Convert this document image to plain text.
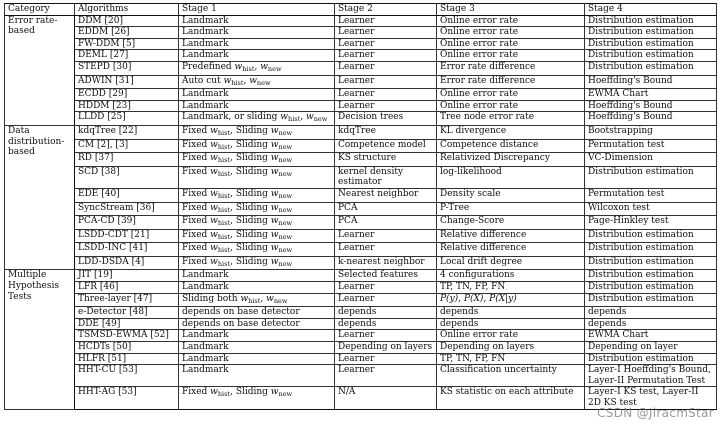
Category	Algorithms	Stage 1	Stage 2	Stage 3	Stage 4
Error rate-based	DDM [20]	Landmark	Learner	Online error rate	Distribution estimation
	EDDM [26]	Landmark	Learner	Online error rate	Distribution estimation
	FW-DDM [5]	Landmark	Learner	Online error rate	Distribution estimation
	DEML [27]	Landmark	Learner	Online error rate	Distribution estimation
	STEPD [30]	Predefined $w_{hist}$, $w_{new}$	Learner	Error rate difference	Distribution estimation
	ADWIN [31]	Auto cut $w_{hist}$, $w_{new}$	Learner	Error rate difference	Hoeffding's Bound
	ECDD [29]	Landmark	Learner	Online error rate	EWMA Chart
	HDDM [23]	Landmark	Learner	Online error rate	Hoeffding's Bound
	LLDD [25]	Landmark, or sliding $w_{hist}$, $w_{new}$	Decision trees	Tree node error rate	Hoeffding's Bound
Data distribution-based	kdqTree [22]	Fixed $w_{hist}$, Sliding $w_{new}$	kdqTree	KL divergence	Bootstrapping
	CM [2], [3]	Fixed $w_{hist}$, Sliding $w_{new}$	Competence model	Competence distance	Permutation test
	RD [37]	Fixed $w_{hist}$, Sliding $w_{new}$	KS structure	Relativized Discrepancy	VC-Dimension
	SCD [38]	Fixed $w_{hist}$, Sliding $w_{new}$	kernel density estimator	log-likelihood	Distribution estimation
	EDE [40]	Fixed $w_{hist}$, Sliding $w_{new}$	Nearest neighbor	Density scale	Permutation test
	SyncStream [36]	Fixed $w_{hist}$, Sliding $w_{new}$	PCA	P-Tree	Wilcoxon test
	PCA-CD [39]	Fixed $w_{hist}$, Sliding $w_{new}$	PCA	Change-Score	Page-Hinkley test
	LSDD-CDT [21]	Fixed $w_{hist}$, Sliding $w_{new}$	Learner	Relative difference	Distribution estimation
	LSDD-INC [41]	Fixed $w_{hist}$, Sliding $w_{new}$	Learner	Relative difference	Distribution estimation
	LDD-DSDA [4]	Fixed $w_{hist}$, Sliding $w_{new}$	k-nearest neighbor	Local drift degree	Distribution estimation
Multiple Hypothesis Tests	JIT [19]	Landmark	Selected features	4 configurations	Distribution estimation
	LFR [46]	Landmark	Learner	TP, TN, FP, FN	Distribution estimation
	Three-layer [47]	Sliding both $w_{hist}$, $w_{new}$	Learner	P(y), P(X), P(X|y)	Distribution estimation
	e-Detector [48]	depends on base detector	depends	depends	depends
	DDE [49]	depends on base detector	depends	depends	depends
	TSMSD-EWMA [52]	Landmark	Learner	Online error rate	EWMA Chart
	HCDTs [50]	Landmark	Depending on layers	Depending on layers	Depending on layer
	HLFR [51]	Landmark	Learner	TP, TN, FP, FN	Distribution estimation
	HHT-CU [53]	Landmark	Learner	Classification uncertainty	Layer-I Hoeffding's Bound, Layer-II Permutation Test
	HHT-AG [53]	Fixed $w_{hist}$, Sliding $w_{new}$	N/A	KS statistic on each attribute	Layer-I KS test, Layer-II 2D KS test
CSDN @JiracmStar
